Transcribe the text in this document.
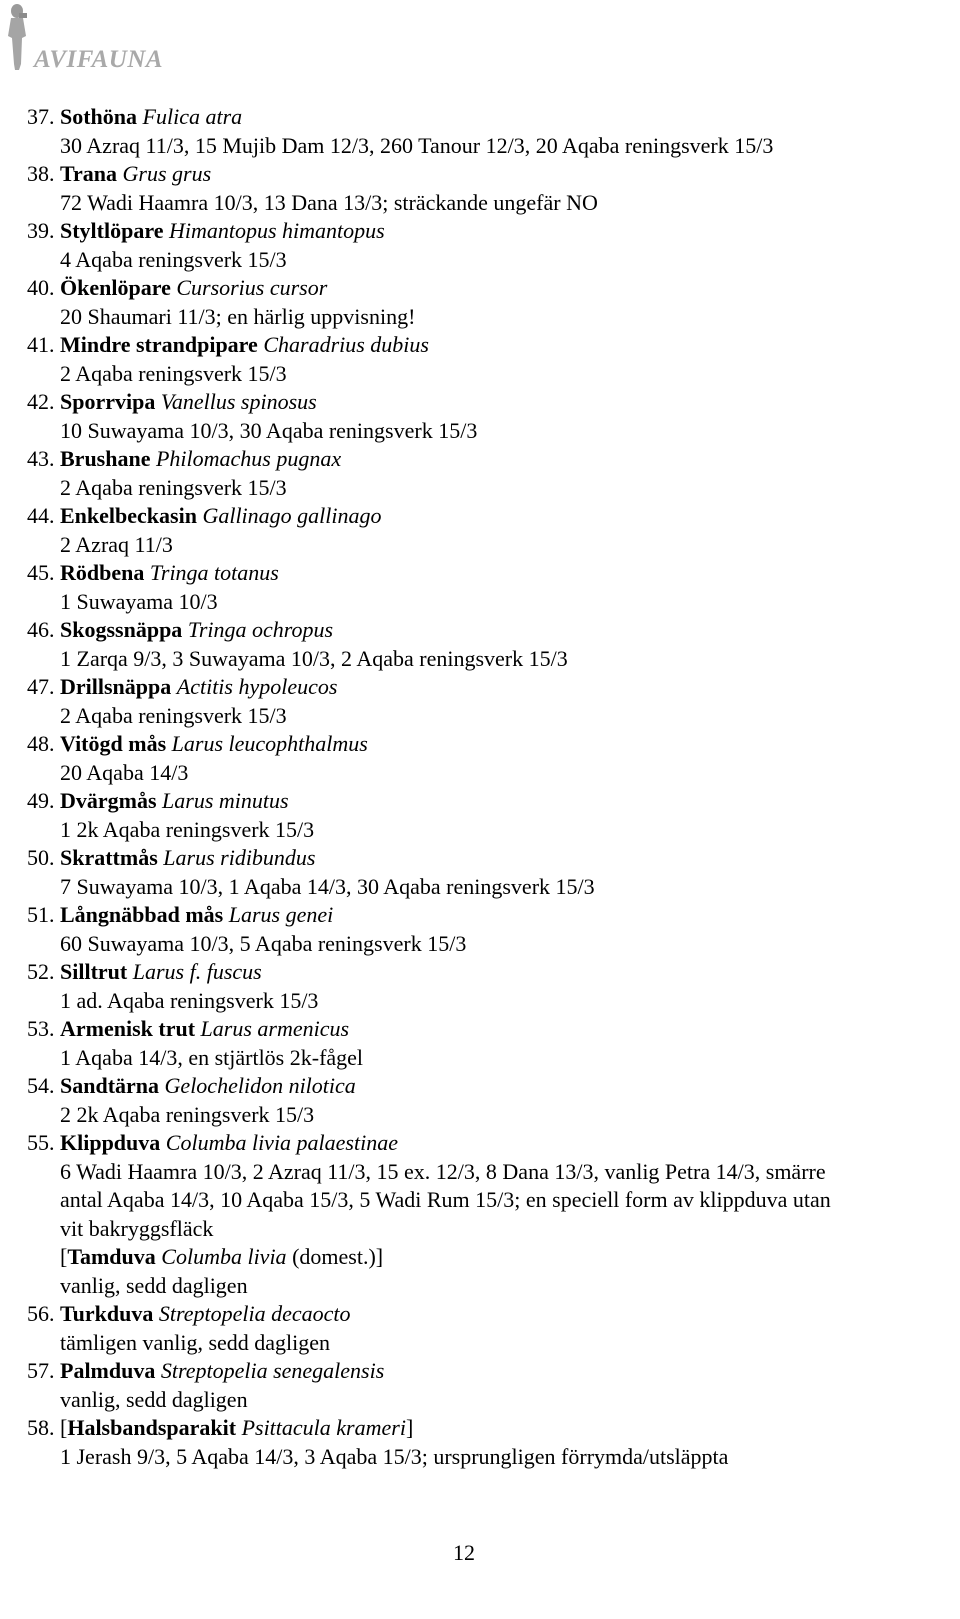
AVIFAUNA
37. Sothöna Fulica atra
30 Azraq 11/3, 15 Mujib Dam 12/3, 260 Tanour 12/3, 20 Aqaba reningsverk 15/3
38. Trana Grus grus
72 Wadi Haamra 10/3, 13 Dana 13/3; sträckande ungefär NO
39. Styltlöpare Himantopus himantopus
4 Aqaba reningsverk 15/3
40. Ökenlöpare Cursorius cursor
20 Shaumari 11/3; en härlig uppvisning!
41. Mindre strandpipare Charadrius dubius
2 Aqaba reningsverk 15/3
42. Sporrvipa Vanellus spinosus
10 Suwayama 10/3, 30 Aqaba reningsverk 15/3
43. Brushane Philomachus pugnax
2 Aqaba reningsverk 15/3
44. Enkelbeckasin Gallinago gallinago
2 Azraq 11/3
45. Rödbena Tringa totanus
1 Suwayama 10/3
46. Skogssnäppa Tringa ochropus
1 Zarqa 9/3, 3 Suwayama 10/3, 2 Aqaba reningsverk 15/3
47. Drillsnäppa Actitis hypoleucos
2 Aqaba reningsverk 15/3
48. Vitögd mås Larus leucophthalmus
20 Aqaba 14/3
49. Dvärgmås Larus minutus
1 2k Aqaba reningsverk 15/3
50. Skrattmås Larus ridibundus
7 Suwayama 10/3, 1 Aqaba 14/3, 30 Aqaba reningsverk 15/3
51. Långnäbbad mås Larus genei
60 Suwayama 10/3, 5 Aqaba reningsverk 15/3
52. Silltrut Larus f. fuscus
1 ad. Aqaba reningsverk 15/3
53. Armenisk trut Larus armenicus
1 Aqaba 14/3, en stjärtlös 2k-fågel
54. Sandtärna Gelochelidon nilotica
2 2k Aqaba reningsverk 15/3
55. Klippduva Columba livia palaestinae
6 Wadi Haamra 10/3, 2 Azraq 11/3, 15 ex. 12/3, 8 Dana 13/3, vanlig Petra 14/3, smärre
antal Aqaba 14/3, 10 Aqaba 15/3, 5 Wadi Rum 15/3; en speciell form av klippduva utan
vit bakryggsfläck
[Tamduva Columba livia (domest.)]
vanlig, sedd dagligen
56. Turkduva Streptopelia decaocto
tämligen vanlig, sedd dagligen
57. Palmduva Streptopelia senegalensis
vanlig, sedd dagligen
58. [Halsbandsparakit Psittacula krameri]
1 Jerash 9/3, 5 Aqaba 14/3, 3 Aqaba 15/3; ursprungligen förrymda/utsläppta
12
